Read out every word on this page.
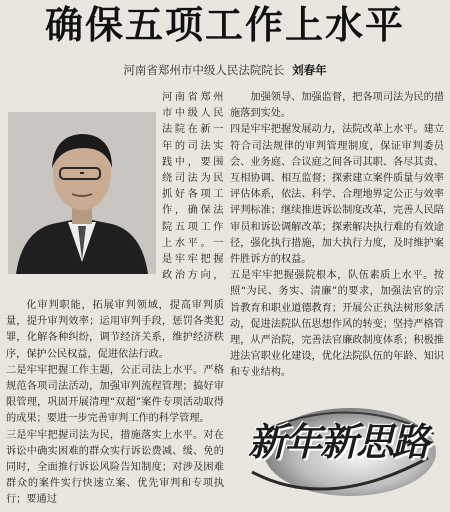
确保五项工作上水平
河南省郑州市中级人民法院院长 刘春年
河南省郑州市中级人民法院在新一年的司法实践中，要围绕司法为民抓好各项工作，确保法院五项工作上水平。一是牢牢把握政治方向，

化审判职能，拓展审判领域，提高审判质量，提升审判效率；运用审判手段，惩罚各类犯罪，化解各种纠纷，调节经济关系，维护经济秩序，保护公民权益，促进依法行政。
二是牢牢把握工作主题，公正司法上水平。严格规范各项司法活动，加强审判流程管理；搞好审限管理，巩固开展清理“双超”案件专项活动取得的成果；要进一步完善审判工作的科学管理。
三是牢牢把握司法为民，措施落实上水平。对在诉讼中确实困难的群众实行诉讼费减、缓、免的同时，全面推行诉讼风险告知制度；对涉及困难群众的案件实行快速立案、优先审判和专项执行；要通过

加强领导、加强监督，把各项司法为民的措施落到实处。
四是牢牢把握发展动力，法院改革上水平。建立符合司法规律的审判管理制度，保证审判委员会、业务庭、合议庭之间各司其职、各尽其责、互相协调、相互监督；探索建立案件质量与效率评估体系，依法、科学、合理地界定公正与效率评判标准；继续推进诉讼制度改革，完善人民陪审员和诉讼调解改革；探索解决执行难的有效途径，强化执行措施，加大执行力度，及时维护案件胜诉方的权益。
五是牢牢把握强院根本，队伍素质上水平。按照“为民、务实、清廉”的要求，加强法官的宗旨教育和职业道德教育；开展公正执法树形象活动，促进法院队伍思想作风的转变；坚持严格管理，从严治院，完善法官廉政制度体系；积极推进法官职业化建设，优化法院队伍的年龄、知识和专业结构。

新年新思路
